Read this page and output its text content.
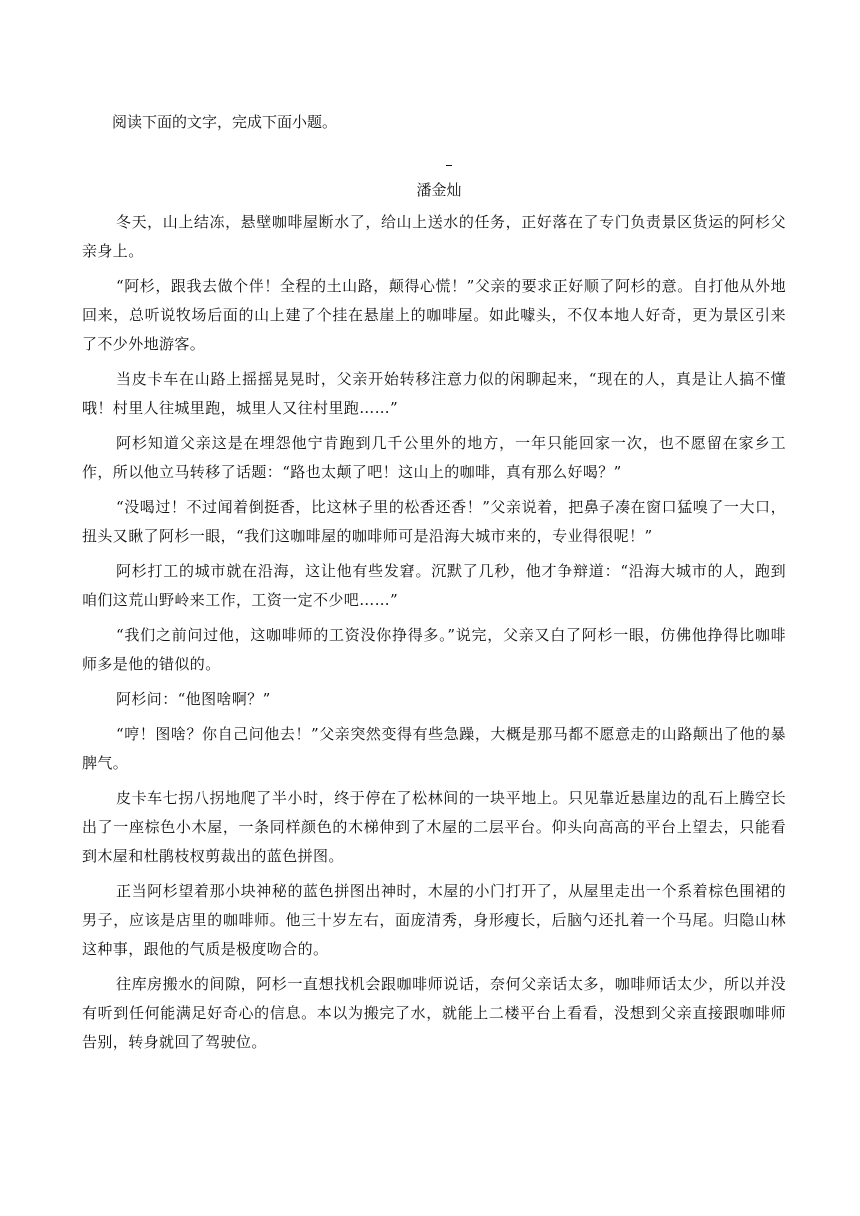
阅读下面的文字，完成下面小题。

潘金灿

冬天，山上结冻，悬壁咖啡屋断水了，给山上送水的任务，正好落在了专门负责景区货运的阿杉父亲身上。

“阿杉，跟我去做个伴！全程的土山路，颠得心慌！”父亲的要求正好顺了阿杉的意。自打他从外地回来，总听说牧场后面的山上建了个挂在悬崖上的咖啡屋。如此噱头，不仅本地人好奇，更为景区引来了不少外地游客。

当皮卡车在山路上摇摇晃晃时，父亲开始转移注意力似的闲聊起来，“现在的人，真是让人搞不懂哦！村里人往城里跑，城里人又往村里跑……”

阿杉知道父亲这是在埋怨他宁肯跑到几千公里外的地方，一年只能回家一次，也不愿留在家乡工作，所以他立马转移了话题：“路也太颠了吧！这山上的咖啡，真有那么好喝？”

“没喝过！不过闻着倒挺香，比这林子里的松香还香！”父亲说着，把鼻子凑在窗口猛嗅了一大口，扭头又瞅了阿杉一眼，“我们这咖啡屋的咖啡师可是沿海大城市来的，专业得很呢！”

阿杉打工的城市就在沿海，这让他有些发窘。沉默了几秒，他才争辩道：“沿海大城市的人，跑到咱们这荒山野岭来工作，工资一定不少吧……”

“我们之前问过他，这咖啡师的工资没你挣得多。”说完，父亲又白了阿杉一眼，仿佛他挣得比咖啡师多是他的错似的。

阿杉问：“他图啥啊？”

“哼！图啥？你自己问他去！”父亲突然变得有些急躁，大概是那马都不愿意走的山路颠出了他的暴脾气。

皮卡车七拐八拐地爬了半小时，终于停在了松林间的一块平地上。只见靠近悬崖边的乱石上腾空长出了一座棕色小木屋，一条同样颜色的木梯伸到了木屋的二层平台。仰头向高高的平台上望去，只能看到木屋和杜鹃枝杈剪裁出的蓝色拼图。

正当阿杉望着那小块神秘的蓝色拼图出神时，木屋的小门打开了，从屋里走出一个系着棕色围裙的男子，应该是店里的咖啡师。他三十岁左右，面庞清秀，身形瘦长，后脑勺还扎着一个马尾。归隐山林这种事，跟他的气质是极度吻合的。

往库房搬水的间隙，阿杉一直想找机会跟咖啡师说话，奈何父亲话太多，咖啡师话太少，所以并没有听到任何能满足好奇心的信息。本以为搬完了水，就能上二楼平台上看看，没想到父亲直接跟咖啡师告别，转身就回了驾驶位。
